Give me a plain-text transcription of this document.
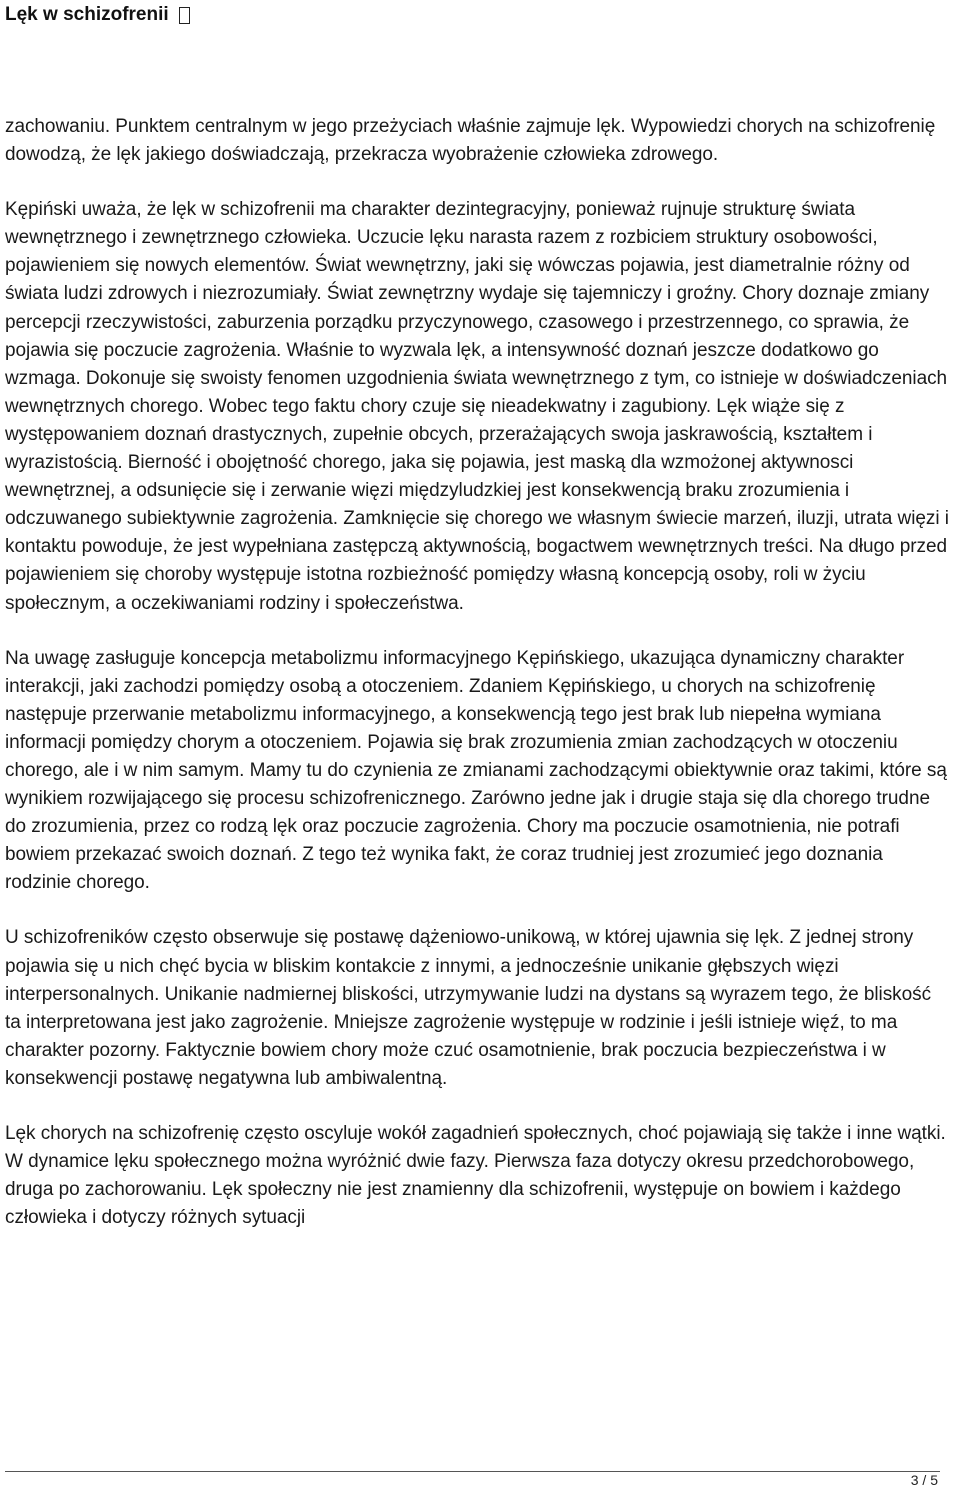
Lęk w schizofrenii

zachowaniu. Punktem centralnym w jego przeżyciach właśnie zajmuje lęk. Wypowiedzi chorych na schizofrenię dowodzą, że lęk jakiego doświadczają, przekracza wyobrażenie człowieka zdrowego.

Kępiński uważa, że lęk w schizofrenii ma charakter dezintegracyjny, ponieważ rujnuje strukturę świata wewnętrznego i zewnętrznego człowieka. Uczucie lęku narasta razem z rozbiciem struktury osobowości, pojawieniem się nowych elementów. Świat wewnętrzny, jaki się wówczas pojawia, jest diametralnie różny od świata ludzi zdrowych i niezrozumiały. Świat zewnętrzny wydaje się tajemniczy i groźny. Chory doznaje zmiany percepcji rzeczywistości, zaburzenia porządku przyczynowego, czasowego i przestrzennego, co sprawia, że pojawia się poczucie zagrożenia. Właśnie to wyzwala lęk, a intensywność doznań jeszcze dodatkowo go wzmaga. Dokonuje się swoisty fenomen uzgodnienia świata wewnętrznego z tym, co istnieje w doświadczeniach wewnętrznych chorego. Wobec tego faktu chory czuje się nieadekwatny i zagubiony. Lęk wiąże się z występowaniem doznań drastycznych, zupełnie obcych, przerażających swoja jaskrawością, kształtem i wyrazistością. Bierność i obojętność chorego, jaka się pojawia, jest maską dla wzmożonej aktywnosci wewnętrznej, a odsunięcie się i zerwanie więzi międzyludzkiej jest konsekwencją braku zrozumienia i odczuwanego subiektywnie zagrożenia. Zamknięcie się chorego we własnym świecie marzeń, iluzji, utrata więzi i kontaktu powoduje, że jest wypełniana zastępczą aktywnością, bogactwem wewnętrznych treści. Na długo przed pojawieniem się choroby występuje istotna rozbieżność pomiędzy własną koncepcją osoby, roli w życiu społecznym, a oczekiwaniami rodziny i społeczeństwa.

Na uwagę zasługuje koncepcja metabolizmu informacyjnego Kępińskiego, ukazująca dynamiczny charakter interakcji, jaki zachodzi pomiędzy osobą a otoczeniem. Zdaniem Kępińskiego, u chorych na schizofrenię następuje przerwanie metabolizmu informacyjnego, a konsekwencją tego jest brak lub niepełna wymiana informacji pomiędzy chorym a otoczeniem. Pojawia się brak zrozumienia zmian zachodzących w otoczeniu chorego, ale i w nim samym. Mamy tu do czynienia ze zmianami zachodzącymi obiektywnie oraz takimi, które są wynikiem rozwijającego się procesu schizofrenicznego. Zarówno jedne jak i drugie staja się dla chorego trudne do zrozumienia, przez co rodzą lęk oraz poczucie zagrożenia. Chory ma poczucie osamotnienia, nie potrafi bowiem przekazać swoich doznań. Z tego też wynika fakt, że coraz trudniej jest zrozumieć jego doznania rodzinie chorego.

U schizofreników często obserwuje się postawę dążeniowo-unikową, w której ujawnia się lęk. Z jednej strony pojawia się u nich chęć bycia w bliskim kontakcie z innymi, a jednocześnie unikanie głębszych więzi interpersonalnych. Unikanie nadmiernej bliskości, utrzymywanie ludzi na dystans są wyrazem tego, że bliskość ta interpretowana jest jako zagrożenie. Mniejsze zagrożenie występuje w rodzinie i jeśli istnieje więź, to ma charakter pozorny. Faktycznie bowiem chory może czuć osamotnienie, brak poczucia bezpieczeństwa i w konsekwencji postawę negatywna lub ambiwalentną.

Lęk chorych na schizofrenię często oscyluje wokół zagadnień społecznych, choć pojawiają się także i inne wątki. W dynamice lęku społecznego można wyróżnić dwie fazy. Pierwsza faza dotyczy okresu przedchorobowego, druga po zachorowaniu. Lęk społeczny nie jest znamienny dla schizofrenii, występuje on bowiem i każdego człowieka i dotyczy różnych sytuacji

3 / 5
